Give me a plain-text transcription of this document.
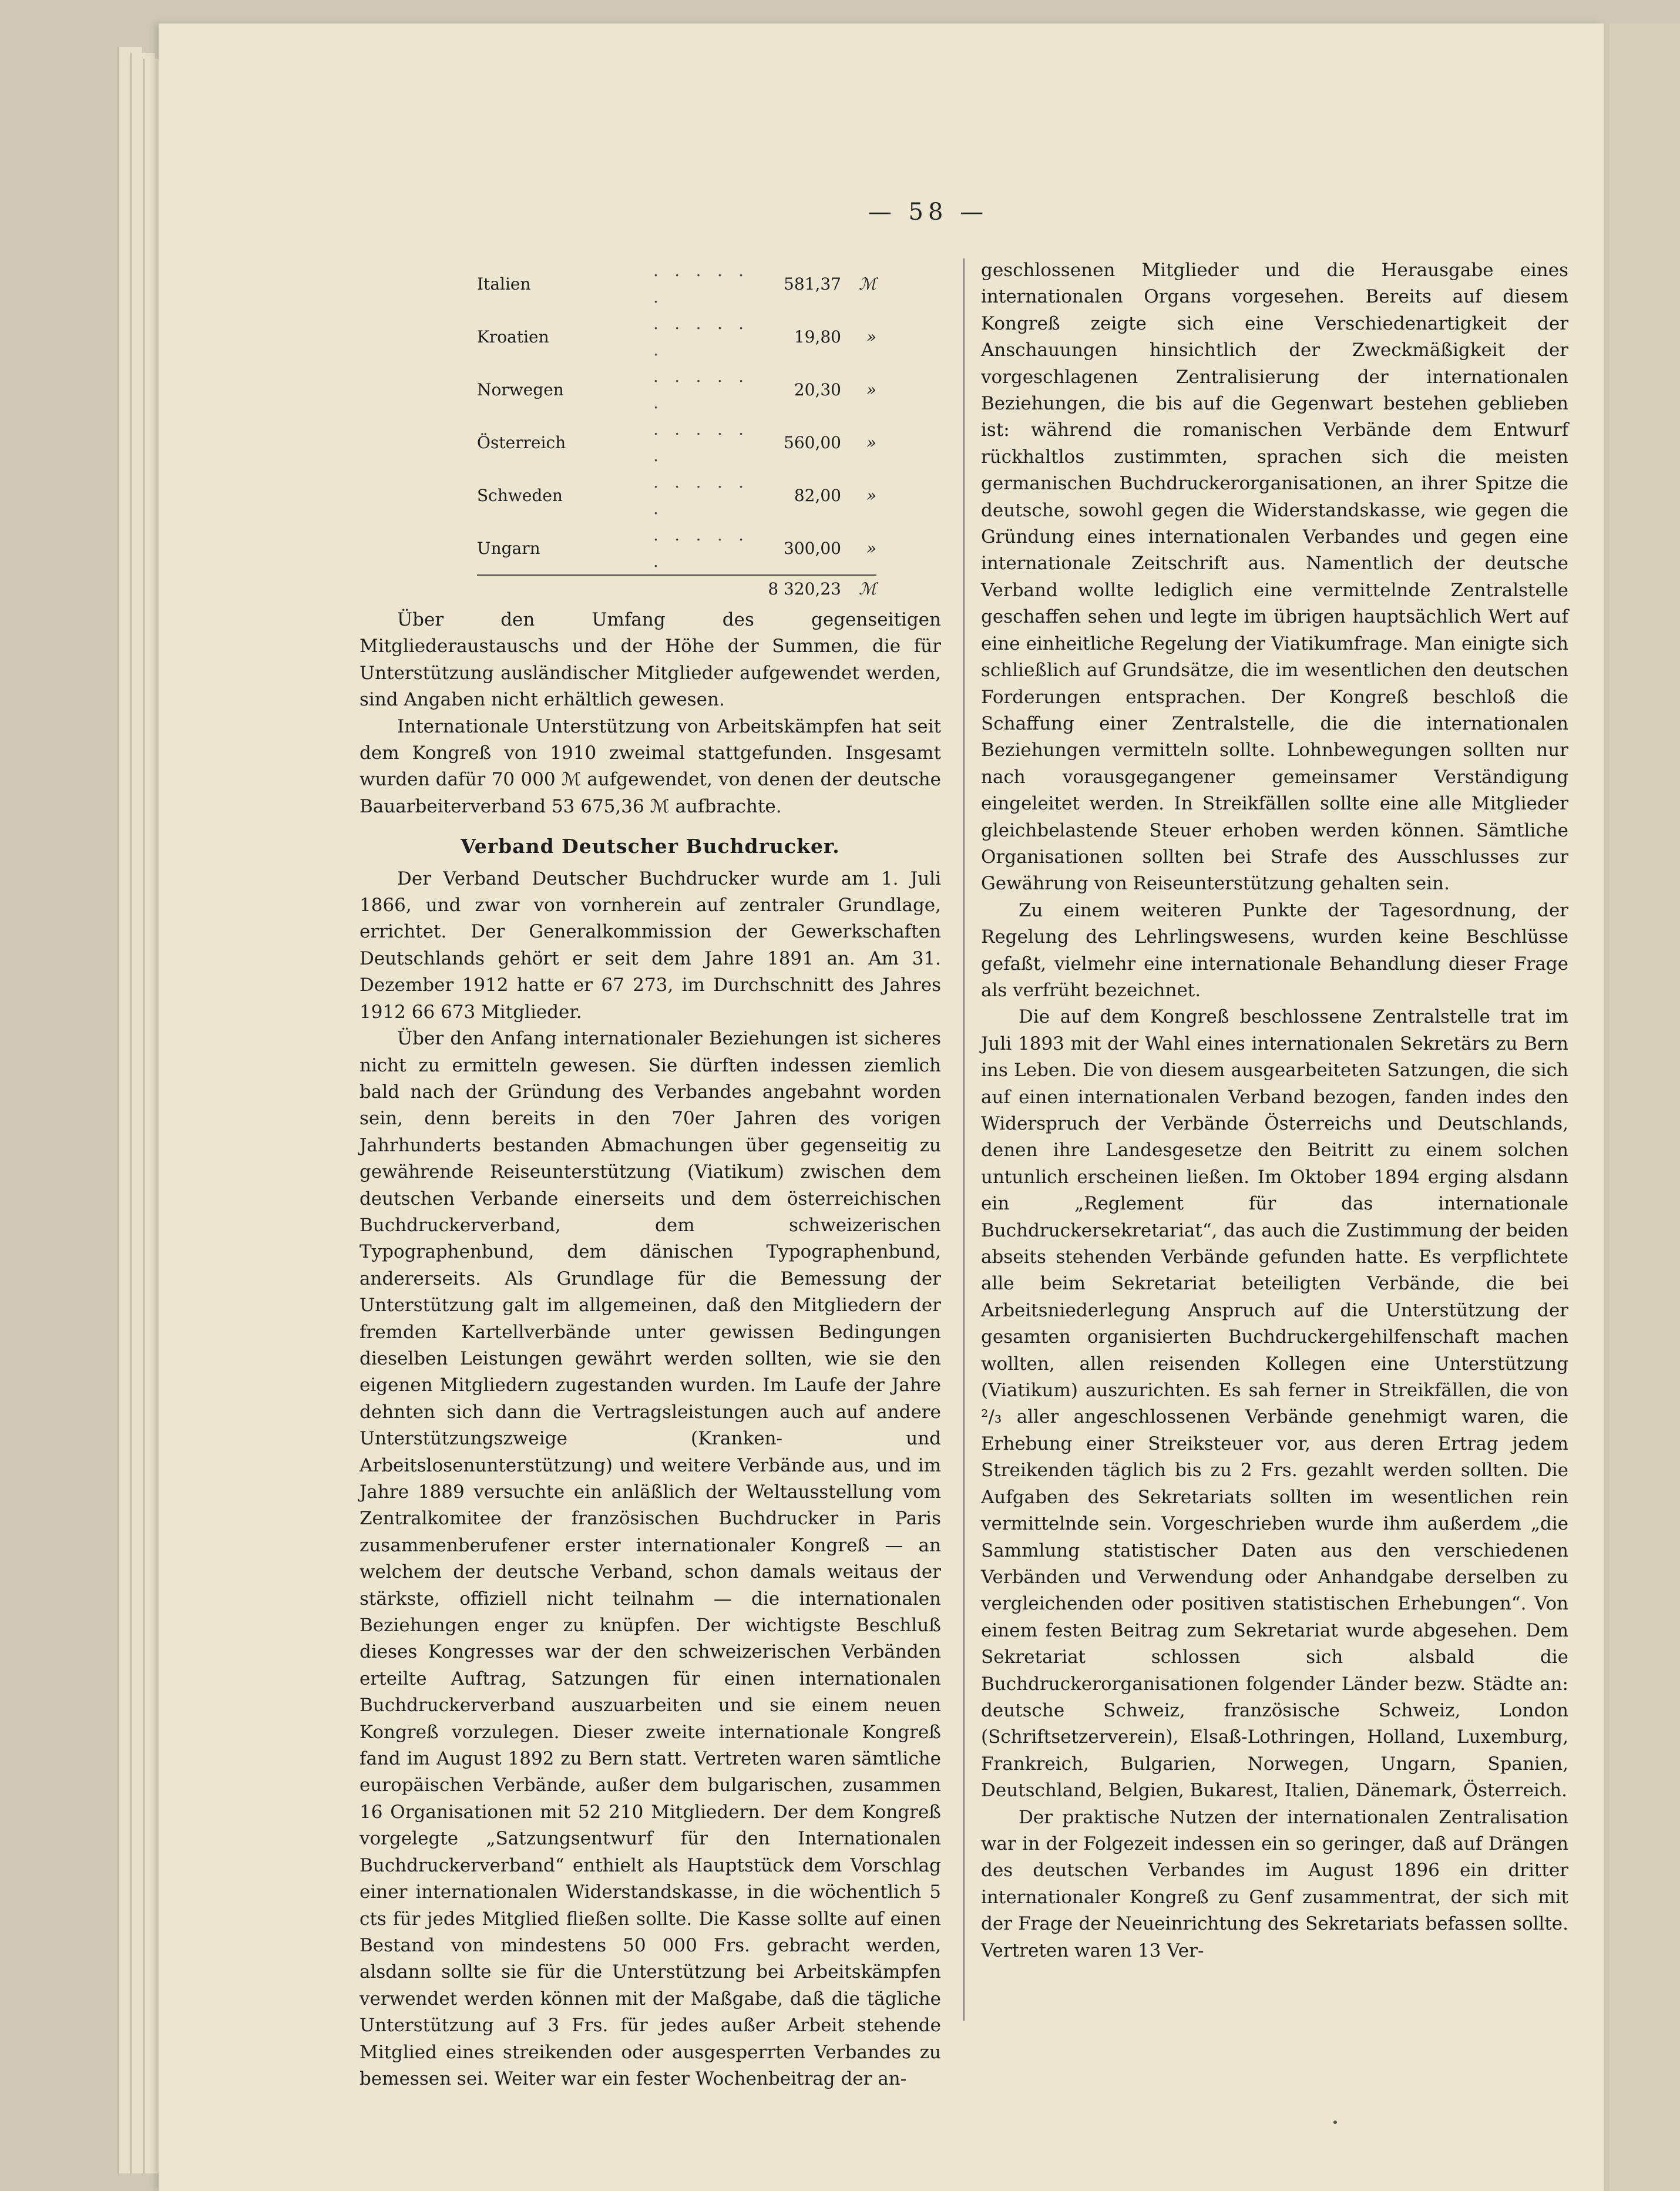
— 58 —
Italien	. . . . . .	581,37	ℳ
Kroatien	. . . . . .	19,80	»
Norwegen	. . . . . .	20,30	»
Österreich	. . . . . .	560,00	»
Schweden	. . . . . .	82,00	»
Ungarn	. . . . . .	300,00	»
		8 320,23	ℳ

Über den Umfang des gegenseitigen Mitgliederaustauschs und der Höhe der Summen, die für Unterstützung ausländischer Mitglieder aufgewendet werden, sind Angaben nicht erhältlich gewesen.

Internationale Unterstützung von Arbeitskämpfen hat seit dem Kongreß von 1910 zweimal stattgefunden. Insgesamt wurden dafür 70 000 ℳ aufgewendet, von denen der deutsche Bauarbeiterverband 53 675,36 ℳ aufbrachte.

Verband Deutscher Buchdrucker.

Der Verband Deutscher Buchdrucker wurde am 1. Juli 1866, und zwar von vornherein auf zentraler Grundlage, errichtet. Der Generalkommission der Gewerkschaften Deutschlands gehört er seit dem Jahre 1891 an. Am 31. Dezember 1912 hatte er 67 273, im Durchschnitt des Jahres 1912 66 673 Mitglieder.

Über den Anfang internationaler Beziehungen ist sicheres nicht zu ermitteln gewesen. Sie dürften indessen ziemlich bald nach der Gründung des Verbandes angebahnt worden sein, denn bereits in den 70er Jahren des vorigen Jahrhunderts bestanden Abmachungen über gegenseitig zu gewährende Reiseunterstützung (Viatikum) zwischen dem deutschen Verbande einerseits und dem österreichischen Buchdruckerverband, dem schweizerischen Typographenbund, dem dänischen Typographenbund, andererseits. Als Grundlage für die Bemessung der Unterstützung galt im allgemeinen, daß den Mitgliedern der fremden Kartellverbände unter gewissen Bedingungen dieselben Leistungen gewährt werden sollten, wie sie den eigenen Mitgliedern zugestanden wurden. Im Laufe der Jahre dehnten sich dann die Vertragsleistungen auch auf andere Unterstützungszweige (Kranken- und Arbeitslosenunterstützung) und weitere Verbände aus, und im Jahre 1889 versuchte ein anläßlich der Weltausstellung vom Zentralkomitee der französischen Buchdrucker in Paris zusammenberufener erster internationaler Kongreß — an welchem der deutsche Verband, schon damals weitaus der stärkste, offiziell nicht teilnahm — die internationalen Beziehungen enger zu knüpfen. Der wichtigste Beschluß dieses Kongresses war der den schweizerischen Verbänden erteilte Auftrag, Satzungen für einen internationalen Buchdruckerverband auszuarbeiten und sie einem neuen Kongreß vorzulegen. Dieser zweite internationale Kongreß fand im August 1892 zu Bern statt. Vertreten waren sämtliche europäischen Verbände, außer dem bulgarischen, zusammen 16 Organisationen mit 52 210 Mitgliedern. Der dem Kongreß vorgelegte „Satzungsentwurf für den Internationalen Buchdruckerverband“ enthielt als Hauptstück dem Vorschlag einer internationalen Widerstandskasse, in die wöchentlich 5 cts für jedes Mitglied fließen sollte. Die Kasse sollte auf einen Bestand von mindestens 50 000 Frs. gebracht werden, alsdann sollte sie für die Unterstützung bei Arbeitskämpfen verwendet werden können mit der Maßgabe, daß die tägliche Unterstützung auf 3 Frs. für jedes außer Arbeit stehende Mitglied eines streikenden oder ausgesperrten Verbandes zu bemessen sei. Weiter war ein fester Wochenbeitrag der an-

geschlossenen Mitglieder und die Herausgabe eines internationalen Organs vorgesehen. Bereits auf diesem Kongreß zeigte sich eine Verschiedenartigkeit der Anschauungen hinsichtlich der Zweckmäßigkeit der vorgeschlagenen Zentralisierung der internationalen Beziehungen, die bis auf die Gegenwart bestehen geblieben ist: während die romanischen Verbände dem Entwurf rückhaltlos zustimmten, sprachen sich die meisten germanischen Buchdruckerorganisationen, an ihrer Spitze die deutsche, sowohl gegen die Widerstandskasse, wie gegen die Gründung eines internationalen Verbandes und gegen eine internationale Zeitschrift aus. Namentlich der deutsche Verband wollte lediglich eine vermittelnde Zentralstelle geschaffen sehen und legte im übrigen hauptsächlich Wert auf eine einheitliche Regelung der Viatikumfrage. Man einigte sich schließlich auf Grundsätze, die im wesentlichen den deutschen Forderungen entsprachen. Der Kongreß beschloß die Schaffung einer Zentralstelle, die die internationalen Beziehungen vermitteln sollte. Lohnbewegungen sollten nur nach vorausgegangener gemeinsamer Verständigung eingeleitet werden. In Streikfällen sollte eine alle Mitglieder gleichbelastende Steuer erhoben werden können. Sämtliche Organisationen sollten bei Strafe des Ausschlusses zur Gewährung von Reiseunterstützung gehalten sein.

Zu einem weiteren Punkte der Tagesordnung, der Regelung des Lehrlingswesens, wurden keine Beschlüsse gefaßt, vielmehr eine internationale Behandlung dieser Frage als verfrüht bezeichnet.

Die auf dem Kongreß beschlossene Zentralstelle trat im Juli 1893 mit der Wahl eines internationalen Sekretärs zu Bern ins Leben. Die von diesem ausgearbeiteten Satzungen, die sich auf einen internationalen Verband bezogen, fanden indes den Widerspruch der Verbände Österreichs und Deutschlands, denen ihre Landesgesetze den Beitritt zu einem solchen untunlich erscheinen ließen. Im Oktober 1894 erging alsdann ein „Reglement für das internationale Buchdruckersekretariat“, das auch die Zustimmung der beiden abseits stehenden Verbände gefunden hatte. Es verpflichtete alle beim Sekretariat beteiligten Verbände, die bei Arbeitsniederlegung Anspruch auf die Unterstützung der gesamten organisierten Buchdruckergehilfenschaft machen wollten, allen reisenden Kollegen eine Unterstützung (Viatikum) auszurichten. Es sah ferner in Streikfällen, die von ²/₃ aller angeschlossenen Verbände genehmigt waren, die Erhebung einer Streiksteuer vor, aus deren Ertrag jedem Streikenden täglich bis zu 2 Frs. gezahlt werden sollten. Die Aufgaben des Sekretariats sollten im wesentlichen rein vermittelnde sein. Vorgeschrieben wurde ihm außerdem „die Sammlung statistischer Daten aus den verschiedenen Verbänden und Verwendung oder Anhandgabe derselben zu vergleichenden oder positiven statistischen Erhebungen“. Von einem festen Beitrag zum Sekretariat wurde abgesehen. Dem Sekretariat schlossen sich alsbald die Buchdruckerorganisationen folgender Länder bezw. Städte an: deutsche Schweiz, französische Schweiz, London (Schriftsetzerverein), Elsaß-Lothringen, Holland, Luxemburg, Frankreich, Bulgarien, Norwegen, Ungarn, Spanien, Deutschland, Belgien, Bukarest, Italien, Dänemark, Österreich.

Der praktische Nutzen der internationalen Zentralisation war in der Folgezeit indessen ein so geringer, daß auf Drängen des deutschen Verbandes im August 1896 ein dritter internationaler Kongreß zu Genf zusammentrat, der sich mit der Frage der Neueinrichtung des Sekretariats befassen sollte. Vertreten waren 13 Ver-
